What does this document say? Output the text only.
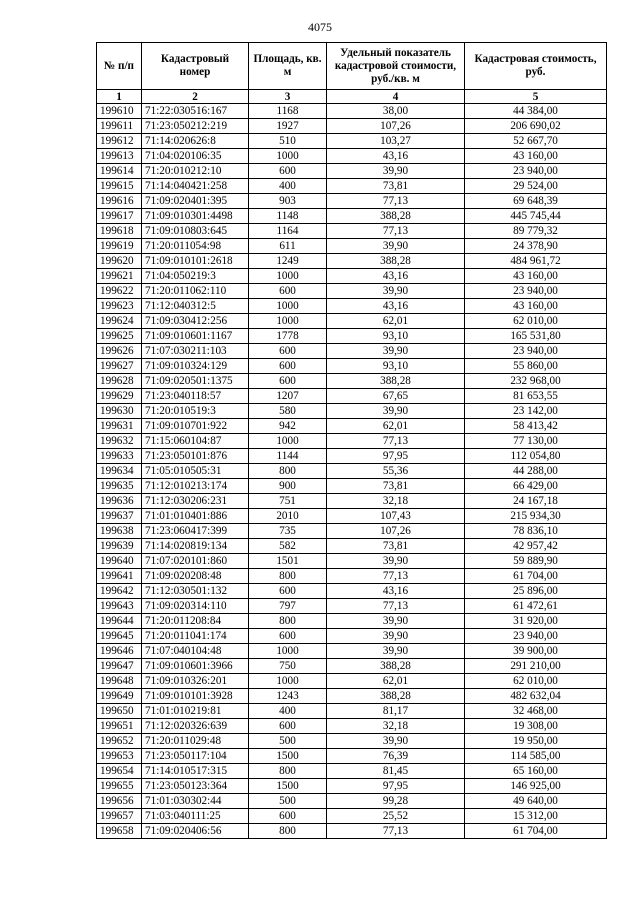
4075
№ п/п	Кадастровый номер	Площадь, кв. м	Удельный показатель кадастровой стоимости, руб./кв. м	Кадастровая стоимость, руб.
1	2	3	4	5
199610	71:22:030516:167	1168	38,00	44 384,00
199611	71:23:050212:219	1927	107,26	206 690,02
199612	71:14:020626:8	510	103,27	52 667,70
199613	71:04:020106:35	1000	43,16	43 160,00
199614	71:20:010212:10	600	39,90	23 940,00
199615	71:14:040421:258	400	73,81	29 524,00
199616	71:09:020401:395	903	77,13	69 648,39
199617	71:09:010301:4498	1148	388,28	445 745,44
199618	71:09:010803:645	1164	77,13	89 779,32
199619	71:20:011054:98	611	39,90	24 378,90
199620	71:09:010101:2618	1249	388,28	484 961,72
199621	71:04:050219:3	1000	43,16	43 160,00
199622	71:20:011062:110	600	39,90	23 940,00
199623	71:12:040312:5	1000	43,16	43 160,00
199624	71:09:030412:256	1000	62,01	62 010,00
199625	71:09:010601:1167	1778	93,10	165 531,80
199626	71:07:030211:103	600	39,90	23 940,00
199627	71:09:010324:129	600	93,10	55 860,00
199628	71:09:020501:1375	600	388,28	232 968,00
199629	71:23:040118:57	1207	67,65	81 653,55
199630	71:20:010519:3	580	39,90	23 142,00
199631	71:09:010701:922	942	62,01	58 413,42
199632	71:15:060104:87	1000	77,13	77 130,00
199633	71:23:050101:876	1144	97,95	112 054,80
199634	71:05:010505:31	800	55,36	44 288,00
199635	71:12:010213:174	900	73,81	66 429,00
199636	71:12:030206:231	751	32,18	24 167,18
199637	71:01:010401:886	2010	107,43	215 934,30
199638	71:23:060417:399	735	107,26	78 836,10
199639	71:14:020819:134	582	73,81	42 957,42
199640	71:07:020101:860	1501	39,90	59 889,90
199641	71:09:020208:48	800	77,13	61 704,00
199642	71:12:030501:132	600	43,16	25 896,00
199643	71:09:020314:110	797	77,13	61 472,61
199644	71:20:011208:84	800	39,90	31 920,00
199645	71:20:011041:174	600	39,90	23 940,00
199646	71:07:040104:48	1000	39,90	39 900,00
199647	71:09:010601:3966	750	388,28	291 210,00
199648	71:09:010326:201	1000	62,01	62 010,00
199649	71:09:010101:3928	1243	388,28	482 632,04
199650	71:01:010219:81	400	81,17	32 468,00
199651	71:12:020326:639	600	32,18	19 308,00
199652	71:20:011029:48	500	39,90	19 950,00
199653	71:23:050117:104	1500	76,39	114 585,00
199654	71:14:010517:315	800	81,45	65 160,00
199655	71:23:050123:364	1500	97,95	146 925,00
199656	71:01:030302:44	500	99,28	49 640,00
199657	71:03:040111:25	600	25,52	15 312,00
199658	71:09:020406:56	800	77,13	61 704,00
